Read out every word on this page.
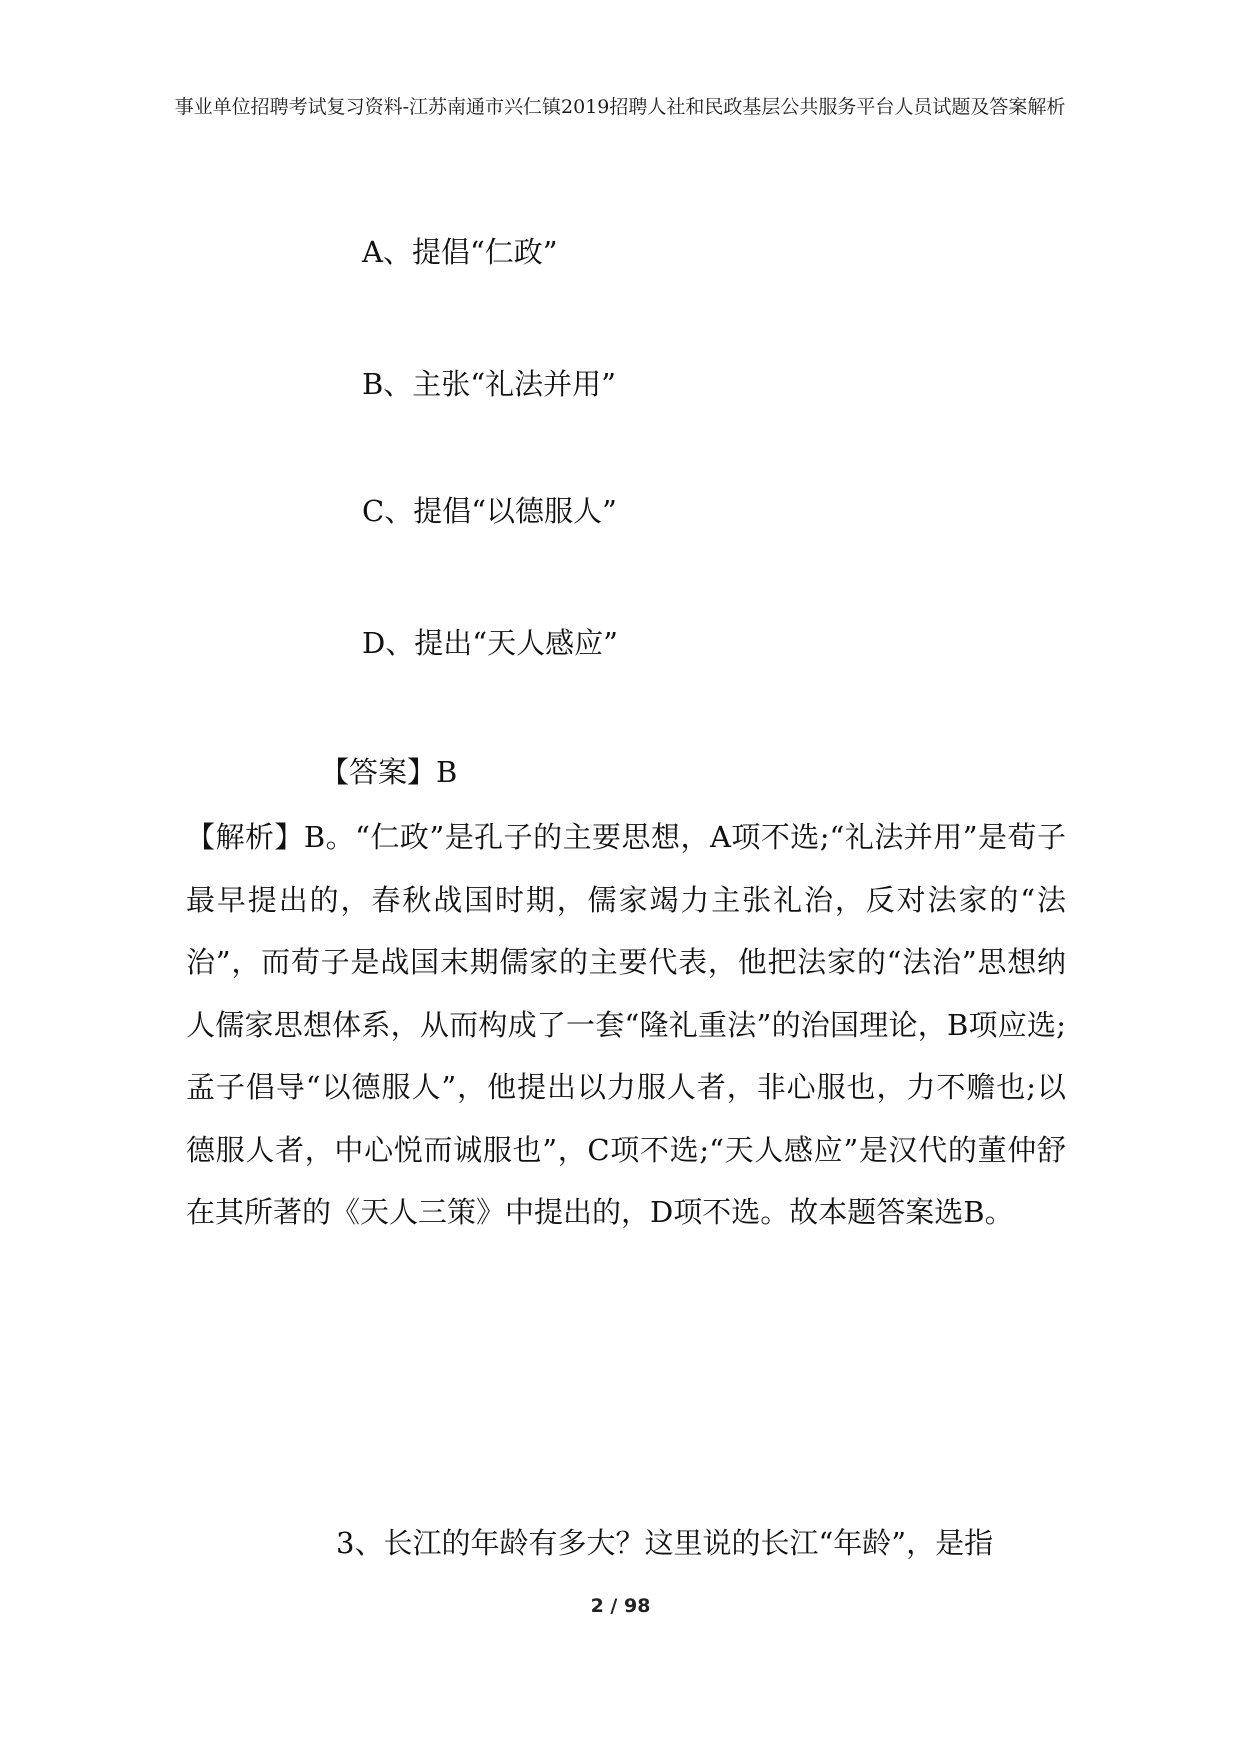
事业单位招聘考试复习资料-江苏南通市兴仁镇2019招聘人社和民政基层公共服务平台人员试题及答案解析
A、提倡“仁政”
B、主张“礼法并用”
C、提倡“以德服人”
D、提出“天人感应”
【答案】B
【解析】B。“仁政”是孔子的主要思想，A项不选;“礼法并用”是荀子最早提出的，春秋战国时期，儒家竭力主张礼治，反对法家的“法治”，而荀子是战国末期儒家的主要代表，他把法家的“法治”思想纳人儒家思想体系，从而构成了一套“隆礼重法”的治国理论，B项应选;孟子倡导“以德服人”，他提出以力服人者，非心服也，力不赡也;以德服人者，中心悦而诚服也”，C项不选;“天人感应”是汉代的董仲舒在其所著的《天人三策》中提出的，D项不选。故本题答案选B。
3、长江的年龄有多大？这里说的长江“年龄”，是指
2 / 98
